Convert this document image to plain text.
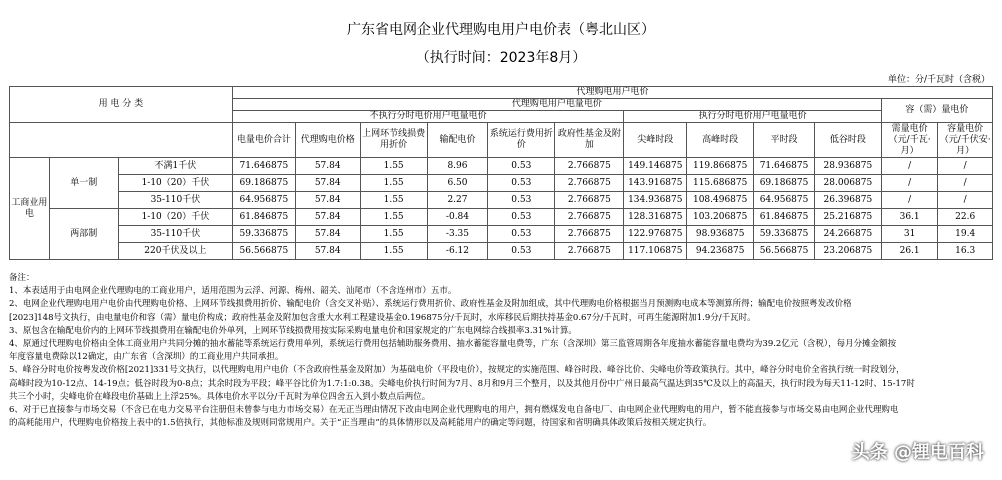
广东省电网企业代理购电用户电价表（粤北山区）
（执行时间：2023年8月）
单位：分/千瓦时（含税）
用 电 分 类			代理购电用户电价											
			代理购电用户电量电价										容（需）量电价	
			不执行分时电价用户电量电价						执行分时电价用户电量电价					
			电量电价合计	代理购电价格	上网环节线损费用折价	输配电价	系统运行费用折价	政府性基金及附加	尖峰时段	高峰时段	平时段	低谷时段	需量电价（元/千瓦·月）	容量电价（元/千伏安·月）
工商业用电	单一制	不满1千伏	71.646875	57.84	1.55	8.96	0.53	2.766875	149.146875	119.866875	71.646875	28.936875	/	/
		1-10（20）千伏	69.186875	57.84	1.55	6.50	0.53	2.766875	143.916875	115.686875	69.186875	28.006875	/	/
		35-110千伏	64.956875	57.84	1.55	2.27	0.53	2.766875	134.936875	108.496875	64.956875	26.396875	/	/
	两部制	1-10（20）千伏	61.846875	57.84	1.55	-0.84	0.53	2.766875	128.316875	103.206875	61.846875	25.216875	36.1	22.6
		35-110千伏	59.336875	57.84	1.55	-3.35	0.53	2.766875	122.976875	98.936875	59.336875	24.266875	31	19.4
		220千伏及以上	56.566875	57.84	1.55	-6.12	0.53	2.766875	117.106875	94.236875	56.566875	23.206875	26.1	16.3
备注：
1、本表适用于由电网企业代理购电的工商业用户，适用范围为云浮、河源、梅州、韶关、汕尾市（不含连州市）五市。
2、电网企业代理购电用户电价由代理购电价格、上网环节线损费用折价、输配电价（含交叉补贴）、系统运行费用折价、政府性基金及附加组成，其中代理购电价格根据当月预测购电成本等测算所得；输配电价按照粤发改价格
[2023]148号文执行，由电量电价和容（需）量电价构成；政府性基金及附加包含重大水利工程建设基金0.196875分/千瓦时，水库移民后期扶持基金0.67分/千瓦时，可再生能源附加1.9分/千瓦时。
3、原包含在输配电价内的上网环节线损费用在输配电价外单列，上网环节线损费用按实际采购电量电价和国家规定的广东电网综合线损率3.31%计算。
4、原通过代理购电价格由全体工商业用户共同分摊的抽水蓄能等系统运行费用单列，系统运行费用包括辅助服务费用、抽水蓄能容量电费等，广东（含深圳）第三监管周期各年度抽水蓄能容量电费均为39.2亿元（含税），每月分摊金额按
年度容量电费除以12确定，由广东省（含深圳）的工商业用户共同承担。
5、峰谷分时电价按粤发改价格[2021]331号文执行，以代理购电用户电价（不含政府性基金及附加）为基础电价（平段电价），按规定的实施范围、峰谷时段、峰谷比价、尖峰电价等政策执行。其中，峰谷分时电价全省执行统一时段划分，
高峰时段为10-12点、14-19点；低谷时段为0-8点；其余时段为平段；峰平谷比价为1.7:1:0.38。尖峰电价执行时间为7月、8月和9月三个整月，以及其他月份中广州日最高气温达到35℃及以上的高温天，执行时段为每天11-12时、15-17时
共三个小时，尖峰电价在峰段电价基础上上浮25%。具体电价水平以分/千瓦时为单位四舍五入到小数点后两位。
6、对于已直接参与市场交易（不含已在电力交易平台注册但未曾参与电力市场交易）在无正当理由情况下改由电网企业代理购电的用户，拥有燃煤发电自备电厂、由电网企业代理购电的用户，暂不能直接参与市场交易由电网企业代理购电
的高耗能用户，代理购电价格按上表中的1.5倍执行，其他标准及规则同常规用户。关于“正当理由”的具体情形以及高耗能用户的确定等问题，待国家和省明确具体政策后按相关规定执行。
头条 @锂电百科
